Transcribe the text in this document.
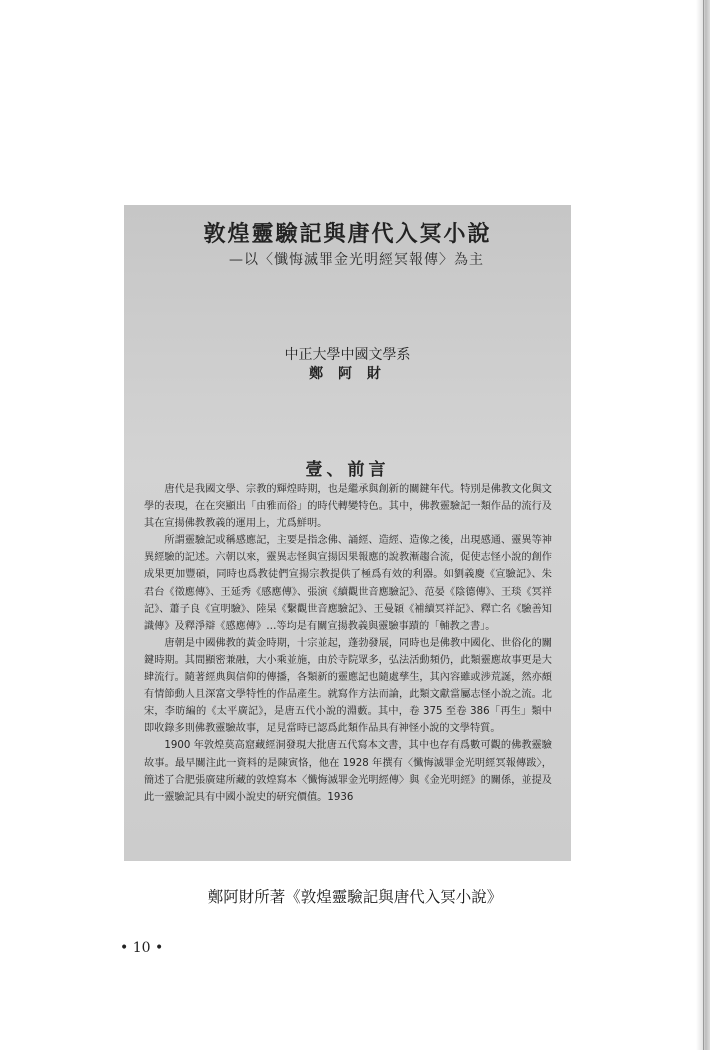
敦煌靈驗記與唐代入冥小說
—以〈懺悔滅罪金光明經冥報傳〉為主
中正大學中國文學系
鄭 阿 財
壹、前言

唐代是我國文學、宗教的輝煌時期，也是繼承與創新的關鍵年代。特別是佛教文化與文學的表現，在在突顯出「由雅而俗」的時代轉變特色。其中，佛教靈驗記一類作品的流行及其在宣揚佛教教義的運用上，尤爲鮮明。

所謂靈驗記或稱感應記，主要是指念佛、誦經、造經、造像之後，出現感通、靈異等神異經驗的記述。六朝以來，靈異志怪與宣揚因果報應的說教漸趨合流，促使志怪小說的創作成果更加豐碩，同時也爲教徒們宣揚宗教提供了極爲有效的利器。如劉義慶《宣驗記》、朱君台《徵應傳》、王延秀《感應傳》、張演《續觀世音應驗記》、范晏《陰德傳》、王琰《冥祥記》、蕭子良《宣明驗》、陸杲《繫觀世音應驗記》、王曼穎《補續冥祥記》、釋亡名《驗善知識傳》及釋淨辯《感應傳》…等均是有關宣揚教義與靈驗事蹟的「輔教之書」。

唐朝是中國佛教的黃金時期，十宗並起，蓬勃發展，同時也是佛教中國化、世俗化的關鍵時期。其間顯密兼融，大小乘並施，由於寺院眾多，弘法活動頻仍，此類靈應故事更是大肆流行。隨著經典與信仰的傳播，各類新的靈應記也隨處孳生，其內容雖或涉荒誕，然亦頗有情節動人且深富文學特性的作品產生。就寫作方法而論，此類文獻當屬志怪小說之流。北宋，李昉編的《太平廣記》，是唐五代小說的淵藪。其中，卷 375 至卷 386「再生」類中即收錄多則佛教靈驗故事，足見當時已認爲此類作品具有神怪小說的文學特質。

1900 年敦煌莫高窟藏經洞發現大批唐五代寫本文書，其中也存有爲數可觀的佛教靈驗故事。最早關注此一資料的是陳寅恪，他在 1928 年撰有〈懺悔滅罪金光明經冥報傳跋〉，簡述了合肥張廣建所藏的敦煌寫本〈懺悔滅罪金光明經傳〉與《金光明經》的關係，並提及此一靈驗記具有中國小說史的研究價值。1936

鄭阿財所著《敦煌靈驗記與唐代入冥小說》
• 10 •
